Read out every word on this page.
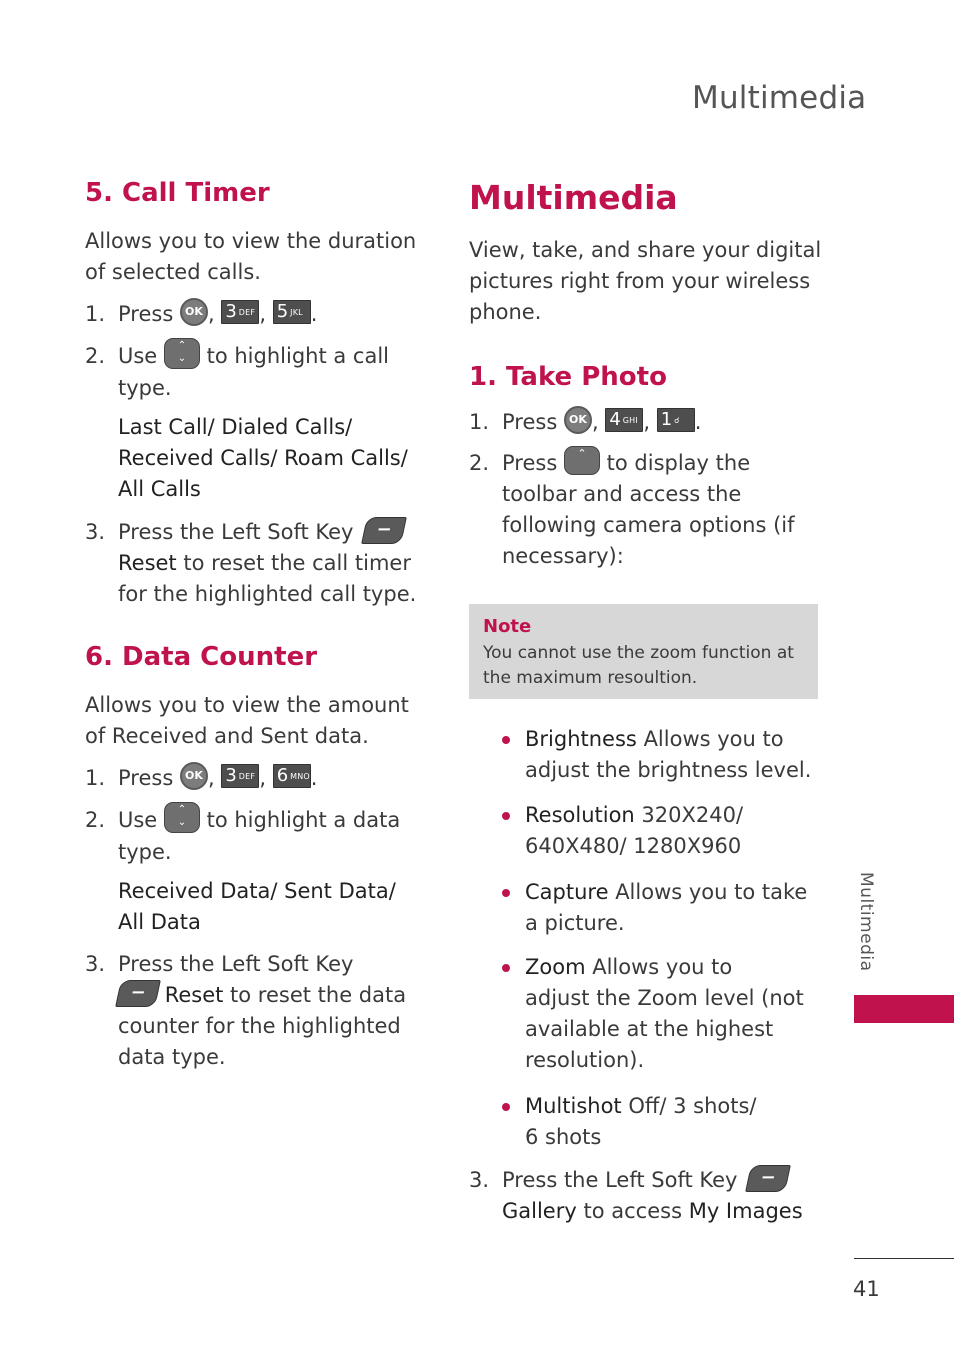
Multimedia
5. Call Timer
Allows you to view the duration
of selected calls.
1. Press OK , 3 DEF , 5 JKL .
2. Use ⌃
⌄ to highlight a call
type.
Last Call/ Dialed Calls/
Received Calls/ Roam Calls/
All Calls
3. Press the Left Soft Key −
Reset to reset the call timer
for the highlighted call type.
6. Data Counter
Allows you to view the amount
of Received and Sent data.
1. Press OK , 3 DEF , 6 MNO.
2. Use ⌃
⌄ to highlight a data
type.
Received Data/ Sent Data/
All Data
3. Press the Left Soft Key
− Reset to reset the data
counter for the highlighted
data type.
Multimedia
View, take, and share your digital
pictures right from your wireless
phone.
1. Take Photo
1. Press OK , 4 GHI , 1 ☌ .
2. Press ⌃ to display the
toolbar and access the
following camera options (if
necessary):
Note
You cannot use the zoom function at
the maximum resoultion.
Brightness Allows you to
adjust the brightness level.
Resolution 320X240/
640X480/ 1280X960
Capture Allows you to take
a picture.
Zoom Allows you to
adjust the Zoom level (not
available at the highest
resolution).
Multishot Off/ 3 shots/
6 shots
3. Press the Left Soft Key −
Gallery to access My Images
Multimedia
41
